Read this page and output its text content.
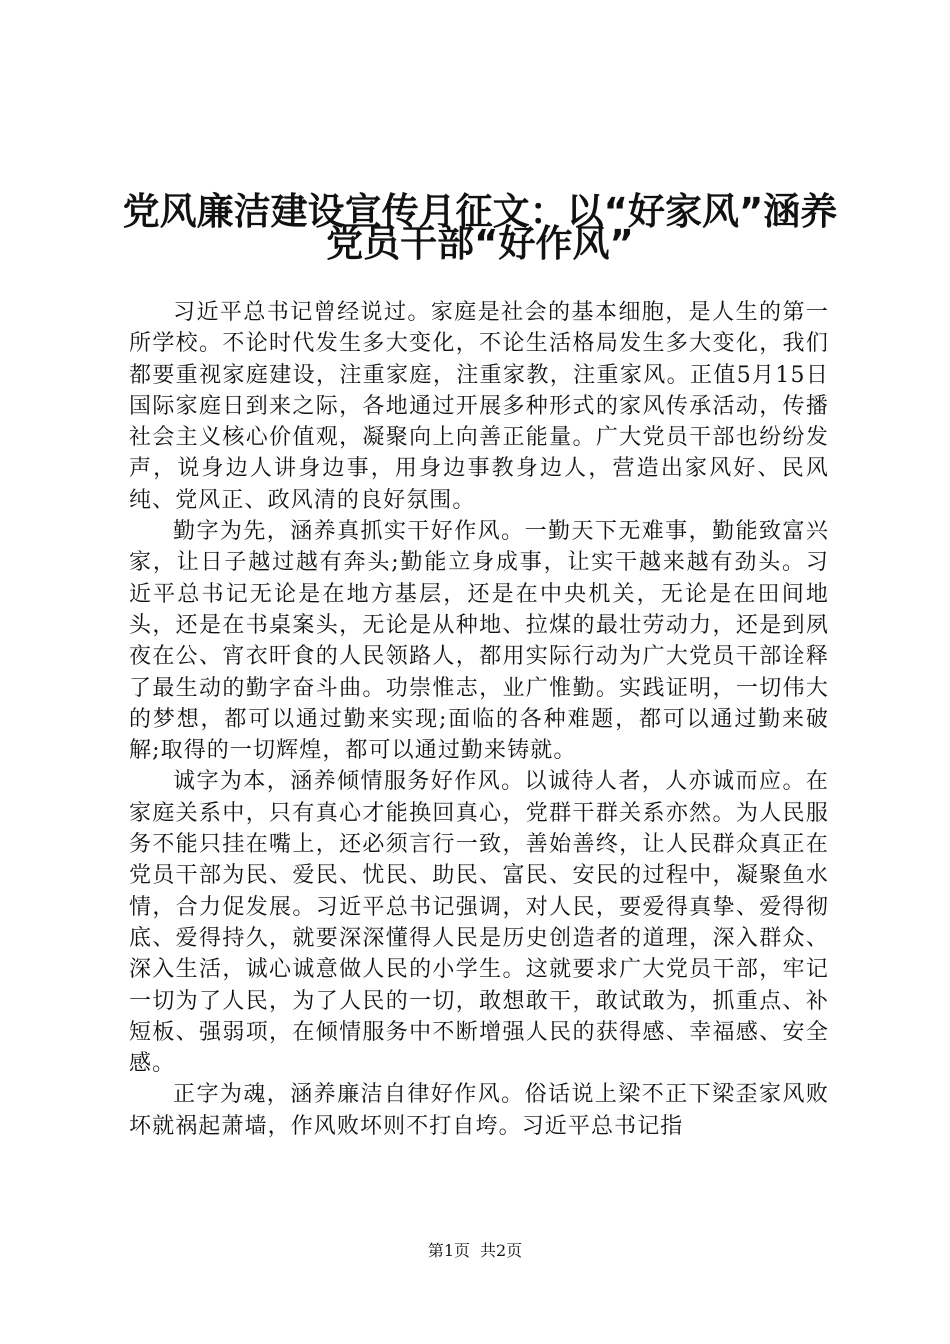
党风廉洁建设宣传月征文：以“好家风”涵养
党员干部“好作风”

习近平总书记曾经说过。家庭是社会的基本细胞，是人生的第一所学校。不论时代发生多大变化，不论生活格局发生多大变化，我们都要重视家庭建设，注重家庭，注重家教，注重家风。正值5月15日国际家庭日到来之际，各地通过开展多种形式的家风传承活动，传播社会主义核心价值观，凝聚向上向善正能量。广大党员干部也纷纷发声，说身边人讲身边事，用身边事教身边人，营造出家风好、民风纯、党风正、政风清的良好氛围。

勤字为先，涵养真抓实干好作风。一勤天下无难事，勤能致富兴家，让日子越过越有奔头;勤能立身成事，让实干越来越有劲头。习近平总书记无论是在地方基层，还是在中央机关，无论是在田间地头，还是在书桌案头，无论是从种地、拉煤的最壮劳动力，还是到夙夜在公、宵衣旰食的人民领路人，都用实际行动为广大党员干部诠释了最生动的勤字奋斗曲。功崇惟志，业广惟勤。实践证明，一切伟大的梦想，都可以通过勤来实现;面临的各种难题，都可以通过勤来破解;取得的一切辉煌，都可以通过勤来铸就。

诚字为本，涵养倾情服务好作风。以诚待人者，人亦诚而应。在家庭关系中，只有真心才能换回真心，党群干群关系亦然。为人民服务不能只挂在嘴上，还必须言行一致，善始善终，让人民群众真正在党员干部为民、爱民、忧民、助民、富民、安民的过程中，凝聚鱼水情，合力促发展。习近平总书记强调，对人民，要爱得真挚、爱得彻底、爱得持久，就要深深懂得人民是历史创造者的道理，深入群众、深入生活，诚心诚意做人民的小学生。这就要求广大党员干部，牢记一切为了人民，为了人民的一切，敢想敢干，敢试敢为，抓重点、补短板、强弱项，在倾情服务中不断增强人民的获得感、幸福感、安全感。

正字为魂，涵养廉洁自律好作风。俗话说上梁不正下梁歪家风败坏就祸起萧墙，作风败坏则不打自垮。习近平总书记指

第1页 共2页
